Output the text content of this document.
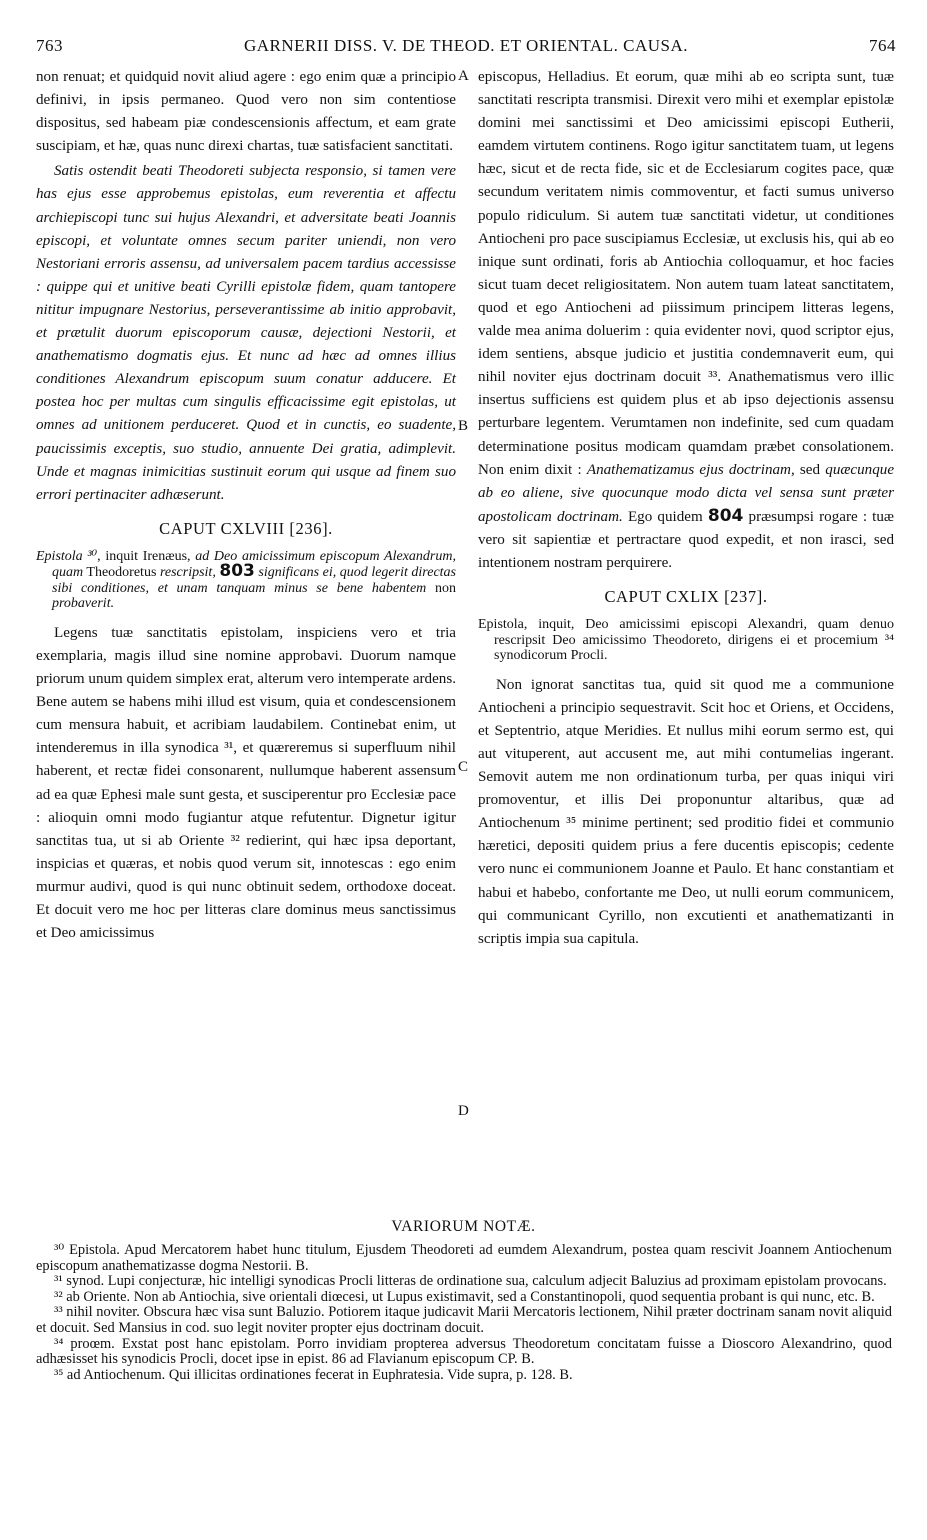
763	GARNERII DISS. V. DE THEOD. ET ORIENTAL. CAUSA.	764
A
B
C
D

non renuat; et quidquid novit aliud agere : ego enim quæ a principio definivi, in ipsis permaneo. Quod vero non sim contentiose dispositus, sed habeam piæ condescensionis affectum, et eam grate suscipiam, et hæ, quas nunc direxi chartas, tuæ satisfacient sanctitati.

Satis ostendit beati Theodoreti subjecta responsio, si tamen vere has ejus esse approbemus epistolas, eum reverentia et affectu archiepiscopi tunc sui hujus Alexandri, et adversitate beati Joannis episcopi, et voluntate omnes secum pariter uniendi, non vero Nestoriani erroris assensu, ad universalem pacem tardius accessisse : quippe qui et unitive beati Cyrilli epistolæ fidem, quam tantopere nititur impugnare Nestorius, perseverantissime ab initio approbavit, et prætulit duorum episcoporum causæ, dejectioni Nestorii, et anathematismo dogmatis ejus. Et nunc ad hæc ad omnes illius conditiones Alexandrum episcopum suum conatur adducere. Et postea hoc per multas cum singulis efficacissime egit epistolas, ut omnes ad unitionem perduceret. Quod et in cunctis, eo suadente, paucissimis exceptis, suo studio, annuente Dei gratia, adimplevit. Unde et magnas inimicitias sustinuit eorum qui usque ad finem suo errori pertinaciter adhæserunt.

CAPUT CXLVIII [236].

Epistola ³⁰, inquit Irenæus, ad Deo amicissimum episcopum Alexandrum, quam Theodoretus rescripsit, 803 significans ei, quod legerit directas sibi conditiones, et unam tanquam minus se bene habentem non probaverit.

Legens tuæ sanctitatis epistolam, inspiciens vero et tria exemplaria, magis illud sine nomine approbavi. Duorum namque priorum unum quidem simplex erat, alterum vero intemperate ardens. Bene autem se habens mihi illud est visum, quia et condescensionem cum mensura habuit, et acribiam laudabilem. Continebat enim, ut intenderemus in illa synodica ³¹, et quæreremus si superfluum nihil haberent, et rectæ fidei consonarent, nullumque haberent assensum ad ea quæ Ephesi male sunt gesta, et susciperentur pro Ecclesiæ pace : alioquin omni modo fugiantur atque refutentur. Dignetur igitur sanctitas tua, ut si ab Oriente ³² redierint, qui hæc ipsa deportant, inspicias et quæras, et nobis quod verum sit, innotescas : ego enim murmur audivi, quod is qui nunc obtinuit sedem, orthodoxe doceat. Et docuit vero me hoc per litteras clare dominus meus sanctissimus et Deo amicissimus

episcopus, Helladius. Et eorum, quæ mihi ab eo scripta sunt, tuæ sanctitati rescripta transmisi. Direxit vero mihi et exemplar epistolæ domini mei sanctissimi et Deo amicissimi episcopi Eutherii, eamdem virtutem continens. Rogo igitur sanctitatem tuam, ut legens hæc, sicut et de recta fide, sic et de Ecclesiarum cogites pace, quæ secundum veritatem nimis commoventur, et facti sumus universo populo ridiculum. Si autem tuæ sanctitati videtur, ut conditiones Antiocheni pro pace suscipiamus Ecclesiæ, ut exclusis his, qui ab eo inique sunt ordinati, foris ab Antiochia colloquamur, et hoc facies sicut tuam decet religiositatem. Non autem tuam lateat sanctitatem, quod et ego Antiocheni ad piissimum principem litteras legens, valde mea anima doluerim : quia evidenter novi, quod scriptor ejus, idem sentiens, absque judicio et justitia condemnaverit eum, qui nihil noviter ejus doctrinam docuit ³³. Anathematismus vero illic insertus sufficiens est quidem plus et ab ipso dejectionis assensu perturbare legentem. Verumtamen non indefinite, sed cum quadam determinatione positus modicam quamdam præbet consolationem. Non enim dixit : Anathematizamus ejus doctrinam, sed quæcunque ab eo aliene, sive quocunque modo dicta vel sensa sunt præter apostolicam doctrinam. Ego quidem 804 præsumpsi rogare : tuæ vero sit sapientiæ et pertractare quod expedit, et non irasci, sed intentionem nostram perquirere.

CAPUT CXLIX [237].

Epistola, inquit, Deo amicissimi episcopi Alexandri, quam denuo rescripsit Deo amicissimo Theodoreto, dirigens ei et procemium ³⁴ synodicorum Procli.

Non ignorat sanctitas tua, quid sit quod me a communione Antiocheni a principio sequestravit. Scit hoc et Oriens, et Occidens, et Septentrio, atque Meridies. Et nullus mihi eorum sermo est, qui aut vituperent, aut accusent me, aut mihi contumelias ingerant. Semovit autem me non ordinationum turba, per quas iniqui viri promoventur, et illis Dei proponuntur altaribus, quæ ad Antiochenum ³⁵ minime pertinent; sed proditio fidei et communio hæretici, depositi quidem prius a fere ducentis episcopis; cedente vero nunc ei communionem Joanne et Paulo. Et hanc constantiam et habui et habebo, confortante me Deo, ut nulli eorum communicem, qui communicant Cyrillo, non excutienti et anathematizanti in scriptis impia sua capitula.

VARIORUM NOTÆ.

³⁰ Epistola. Apud Mercatorem habet hunc titulum, Ejusdem Theodoreti ad eumdem Alexandrum, postea quam rescivit Joannem Antiochenum episcopum anathematizasse dogma Nestorii. B.

³¹ synod. Lupi conjecturæ, hic intelligi synodicas Procli litteras de ordinatione sua, calculum adjecit Baluzius ad proximam epistolam provocans.

³² ab Oriente. Non ab Antiochia, sive orientali diœcesi, ut Lupus existimavit, sed a Constantinopoli, quod sequentia probant is qui nunc, etc. B.

³³ nihil noviter. Obscura hæc visa sunt Baluzio. Potiorem itaque judicavit Marii Mercatoris lectionem, Nihil præter doctrinam sanam novit aliquid et docuit. Sed Mansius in cod. suo legit noviter propter ejus doctrinam docuit.

³⁴ proœm. Exstat post hanc epistolam. Porro invidiam propterea adversus Theodoretum concitatam fuisse a Dioscoro Alexandrino, quod adhæsisset his synodicis Procli, docet ipse in epist. 86 ad Flavianum episcopum CP. B.

³⁵ ad Antiochenum. Qui illicitas ordinationes fecerat in Euphratesia. Vide supra, p. 128. B.
